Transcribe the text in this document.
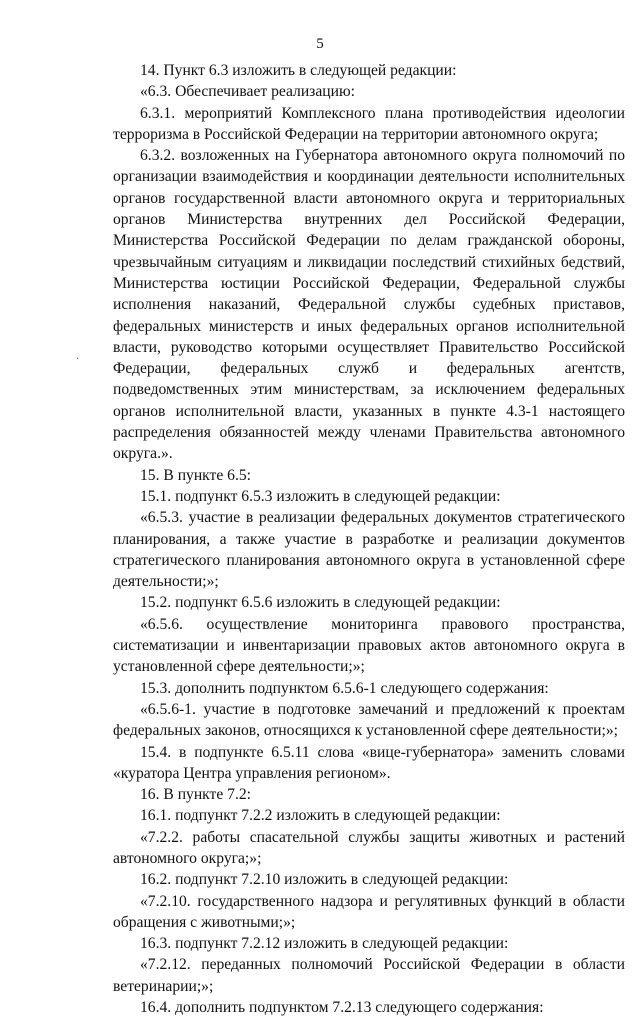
5
·

14. Пункт 6.3 изложить в следующей редакции:

«6.3. Обеспечивает реализацию:

6.3.1. мероприятий Комплексного плана противодействия идеологии терроризма в Российской Федерации на территории автономного округа;

6.3.2. возложенных на Губернатора автономного округа полномочий по организации взаимодействия и координации деятельности исполнительных органов государственной власти автономного округа и территориальных органов Министерства внутренних дел Российской Федерации, Министерства Российской Федерации по делам гражданской обороны, чрезвычайным ситуациям и ликвидации последствий стихийных бедствий, Министерства юстиции Российской Федерации, Федеральной службы исполнения наказаний, Федеральной службы судебных приставов, федеральных министерств и иных федеральных органов исполнительной власти, руководство которыми осуществляет Правительство Российской Федерации, федеральных служб и федеральных агентств, подведомственных этим министерствам, за исключением федеральных органов исполнительной власти, указанных в пункте 4.3-1 настоящего распределения обязанностей между членами Правительства автономного округа.».

15. В пункте 6.5:

15.1. подпункт 6.5.3 изложить в следующей редакции:

«6.5.3. участие в реализации федеральных документов стратегического планирования, а также участие в разработке и реализации документов стратегического планирования автономного округа в установленной сфере деятельности;»;

15.2. подпункт 6.5.6 изложить в следующей редакции:

«6.5.6. осуществление мониторинга правового пространства, систематизации и инвентаризации правовых актов автономного округа в установленной сфере деятельности;»;

15.3. дополнить подпунктом 6.5.6-1 следующего содержания:

«6.5.6-1. участие в подготовке замечаний и предложений к проектам федеральных законов, относящихся к установленной сфере деятельности;»;

15.4. в подпункте 6.5.11 слова «вице-губернатора» заменить словами «куратора Центра управления регионом».

16. В пункте 7.2:

16.1. подпункт 7.2.2 изложить в следующей редакции:

«7.2.2. работы спасательной службы защиты животных и растений автономного округа;»;

16.2. подпункт 7.2.10 изложить в следующей редакции:

«7.2.10. государственного надзора и регулятивных функций в области обращения с животными;»;

16.3. подпункт 7.2.12 изложить в следующей редакции:

«7.2.12. переданных полномочий Российской Федерации в области ветеринарии;»;

16.4. дополнить подпунктом 7.2.13 следующего содержания:
